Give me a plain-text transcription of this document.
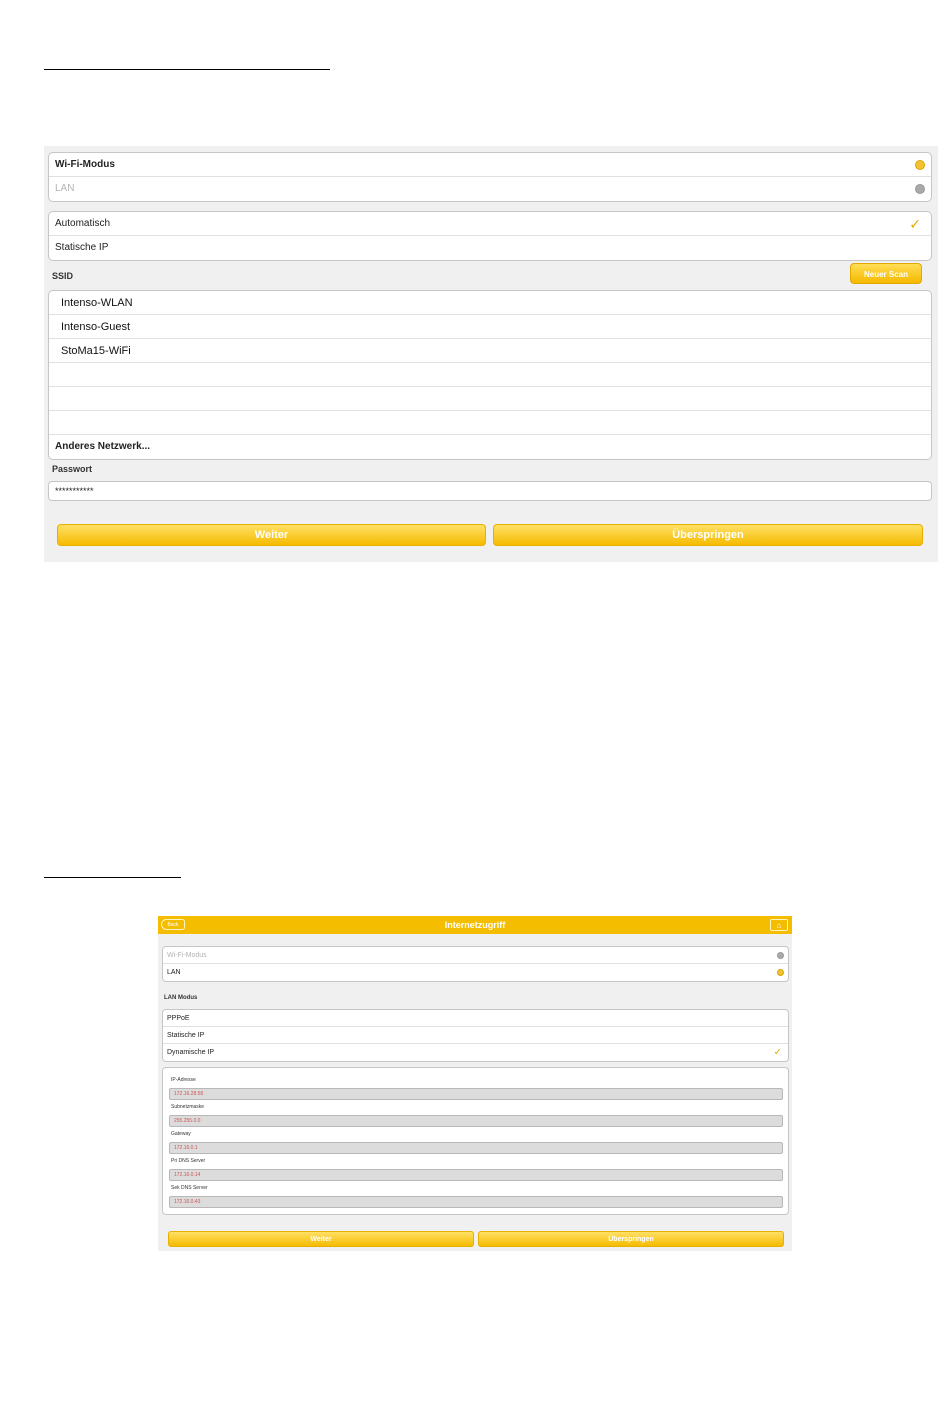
Wi-Fi-Modus
LAN
Automatisch	✓
Statische IP
SSID	Neuer Scan
Intenso-WLAN
Intenso-Guest
StoMa15-WiFi
Anderes Netzwerk...
Passwort
***********
Weiter	Überspringen
Internetzugriff
Back	⌂
Wi-Fi-Modus
LAN
LAN Modus
PPPoE
Statische IP
Dynamische IP	✓
IP-Adresse
172.16.28.58
Subnetzmaske
255.255.0.0
Gateway
172.16.0.1
Pri DNS Server
172.16.0.14
Sek DNS Server
172.16.0.43
Weiter	Überspringen
